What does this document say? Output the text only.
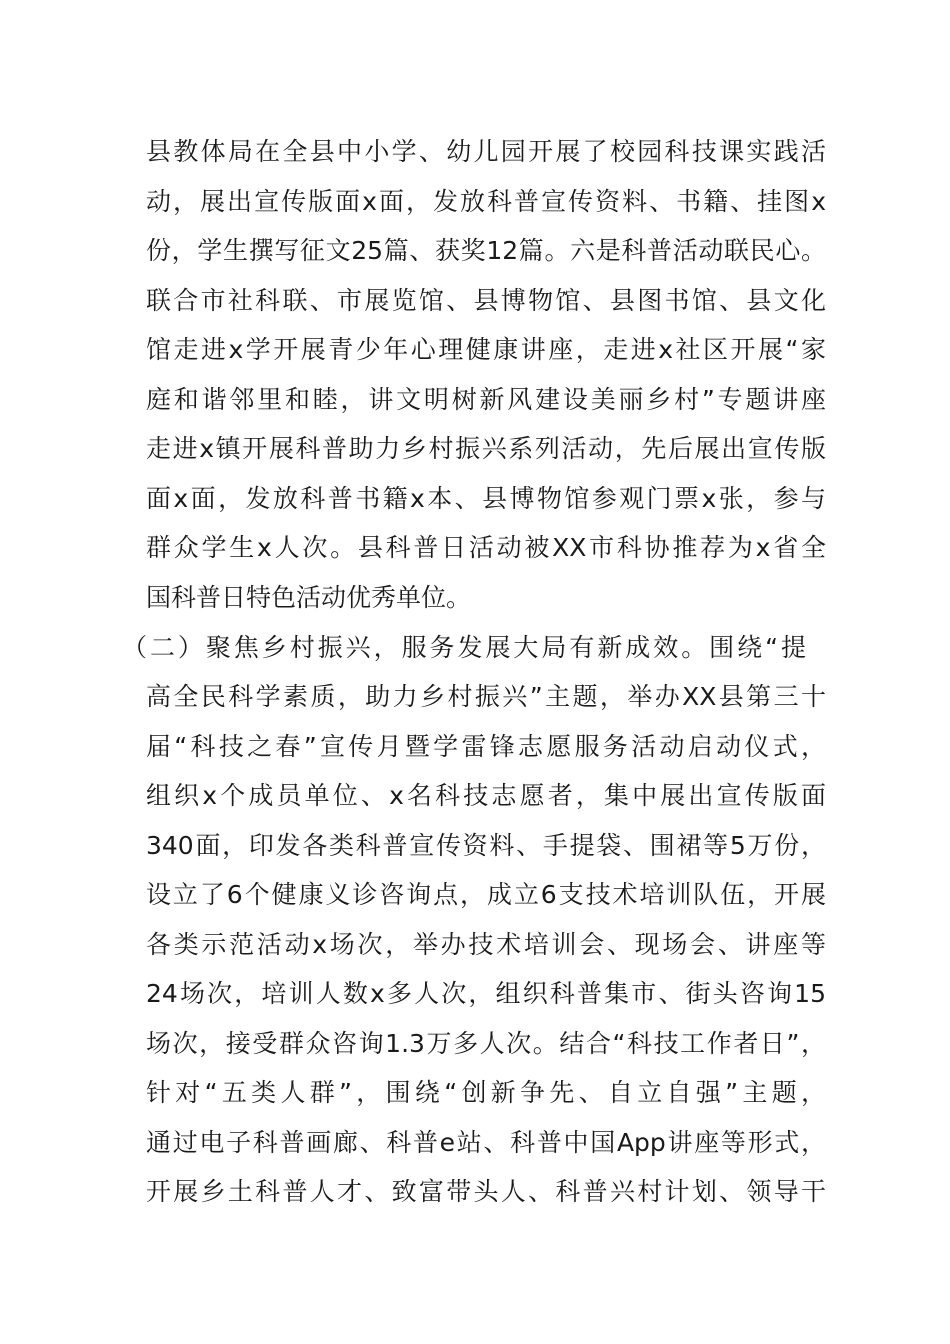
县教体局在全县中小学、幼儿园开展了校园科技课实践活
动，展出宣传版面x面，发放科普宣传资料、书籍、挂图x
份，学生撰写征文25篇、获奖12篇。六是科普活动联民心。
联合市社科联、市展览馆、县博物馆、县图书馆、县文化
馆走进x学开展青少年心理健康讲座，走进x社区开展“家
庭和谐邻里和睦，讲文明树新风建设美丽乡村”专题讲座
走进x镇开展科普助力乡村振兴系列活动，先后展出宣传版
面x面，发放科普书籍x本、县博物馆参观门票x张，参与
群众学生x人次。县科普日活动被XX市科协推荐为x省全
国科普日特色活动优秀单位。
（二）聚焦乡村振兴，服务发展大局有新成效。围绕“提
高全民科学素质，助力乡村振兴”主题，举办XX县第三十
届“科技之春”宣传月暨学雷锋志愿服务活动启动仪式，
组织x个成员单位、x名科技志愿者，集中展出宣传版面
340面，印发各类科普宣传资料、手提袋、围裙等5万份，
设立了6个健康义诊咨询点，成立6支技术培训队伍，开展
各类示范活动x场次，举办技术培训会、现场会、讲座等
24场次，培训人数x多人次，组织科普集市、街头咨询15
场次，接受群众咨询1.3万多人次。结合“科技工作者日”，
针对“五类人群”，围绕“创新争先、自立自强”主题，
通过电子科普画廊、科普e站、科普中国App讲座等形式，
开展乡土科普人才、致富带头人、科普兴村计划、领导干
